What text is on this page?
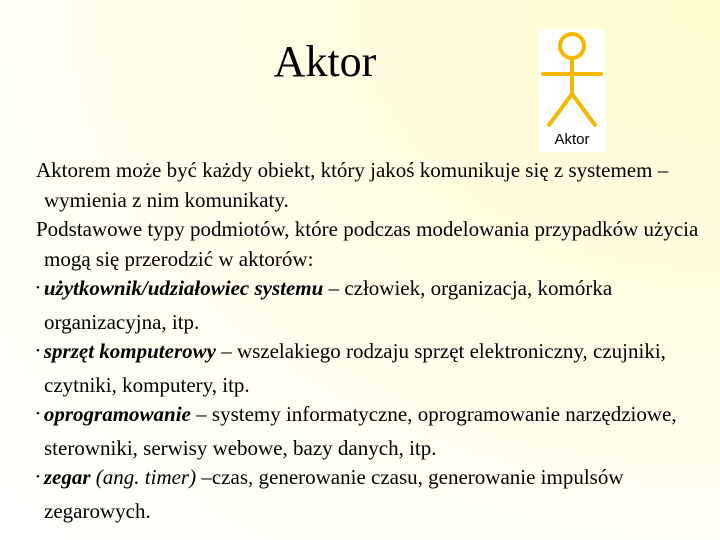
Aktor
Aktor

Aktorem może być każdy obiekt, który jakoś komunikuje się z systemem – wymienia z nim komunikaty.

Podstawowe typy podmiotów, które podczas modelowania przypadków użycia mogą się przerodzić w aktorów:

• użytkownik/udziałowiec systemu – człowiek, organizacja, komórka organizacyjna, itp.

• sprzęt komputerowy – wszelakiego rodzaju sprzęt elektroniczny, czujniki, czytniki, komputery, itp.

• oprogramowanie – systemy informatyczne, oprogramowanie narzędziowe, sterowniki, serwisy webowe, bazy danych, itp.

• zegar (ang. timer) –czas, generowanie czasu, generowanie impulsów zegarowych.
